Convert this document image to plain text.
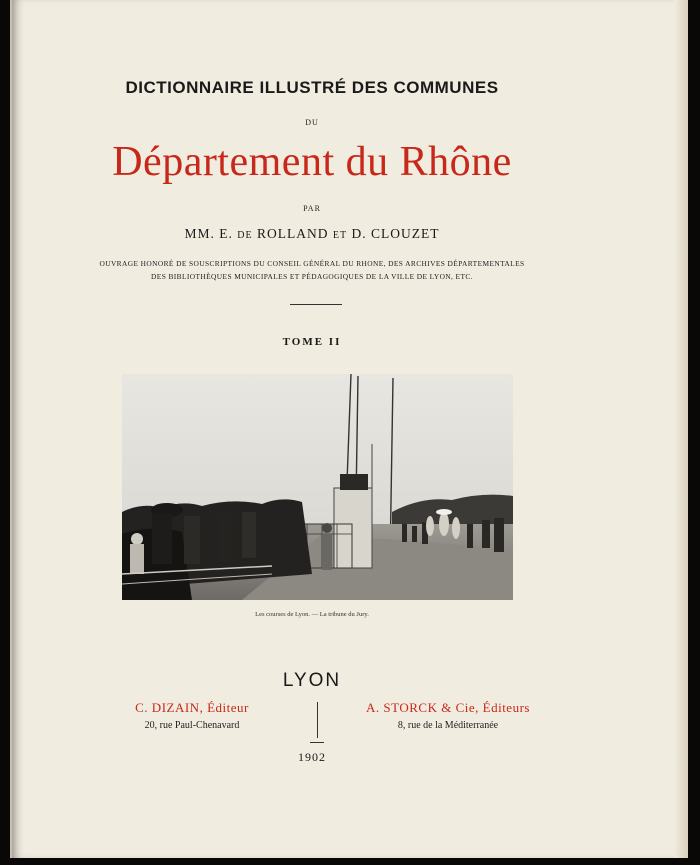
DICTIONNAIRE ILLUSTRÉ DES COMMUNES
DU
Département du Rhône
PAR
MM. E. DE ROLLAND ET D. CLOUZET
OUVRAGE HONORÉ DE SOUSCRIPTIONS DU CONSEIL GÉNÉRAL DU RHONE, DES ARCHIVES DÉPARTEMENTALES
DES BIBLIOTHÈQUES MUNICIPALES ET PÉDAGOGIQUES DE LA VILLE DE LYON, ETC.
TOME II
Les courses de Lyon. — La tribune du Jury.
LYON
C. DIZAIN, Éditeur
20, rue Paul-Chenavard
A. STORCK & Cie, Éditeurs
8, rue de la Méditerranée
1902
